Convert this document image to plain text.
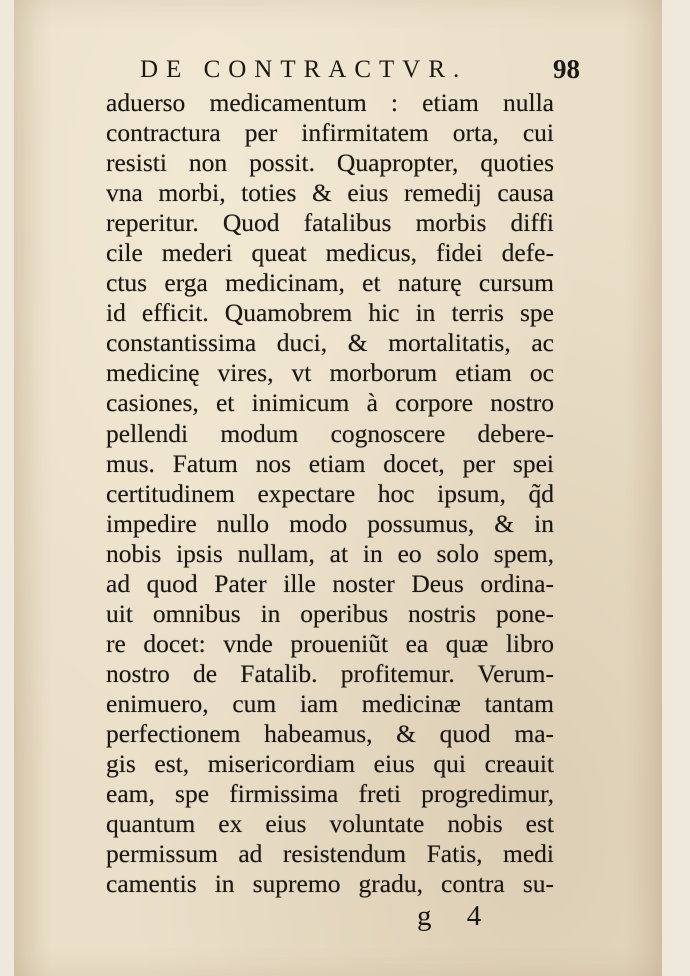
DE CONTRACTVR.	98
aduerso medicamentum : etiam nulla
contractura per infirmitatem orta, cui
resisti non possit. Quapropter, quoties
vna morbi, toties & eius remedij causa
reperitur. Quod fatalibus morbis diffi
cile mederi queat medicus, fidei defe-
ctus erga medicinam, et naturę cursum
id efficit. Quamobrem hic in terris spe
constantissima duci, & mortalitatis, ac
medicinę vires, vt morborum etiam oc
casiones, et inimicum à corpore nostro
pellendi modum cognoscere debere-
mus. Fatum nos etiam docet, per spei
certitudinem expectare hoc ipsum, q̃d
impedire nullo modo possumus, & in
nobis ipsis nullam, at in eo solo spem,
ad quod Pater ille noster Deus ordina-
uit omnibus in operibus nostris pone-
re docet: vnde proueniũt ea quæ libro
nostro de Fatalib. profitemur. Verum-
enimuero, cum iam medicinæ tantam
perfectionem habeamus, & quod ma-
gis est, misericordiam eius qui creauit
eam, spe firmissima freti progredimur,
quantum ex eius voluntate nobis est
permissum ad resistendum Fatis, medi
camentis in supremo gradu, contra su-
g 4
